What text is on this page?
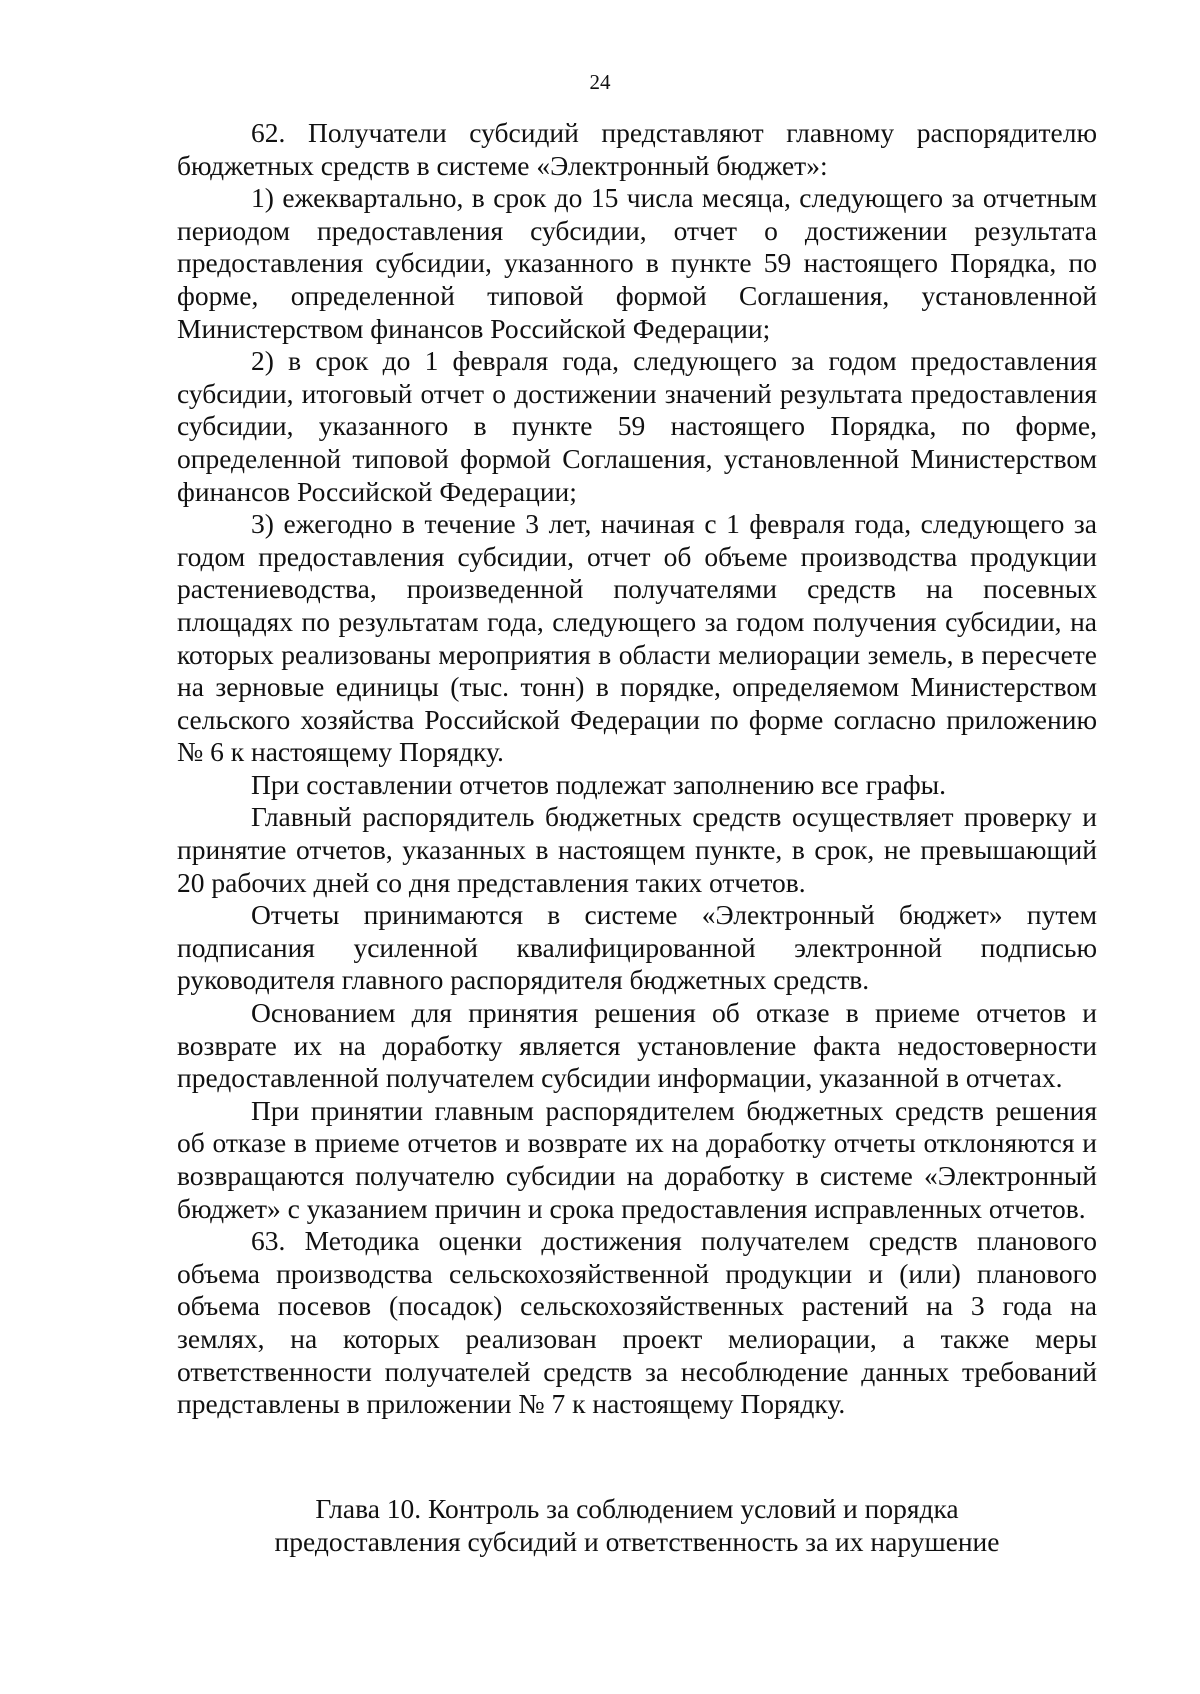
24

62. Получатели субсидий представляют главному распорядителю бюджетных средств в системе «Электронный бюджет»:

1) ежеквартально, в срок до 15 числа месяца, следующего за отчетным периодом предоставления субсидии, отчет о достижении результата предоставления субсидии, указанного в пункте 59 настоящего Порядка, по форме, определенной типовой формой Соглашения, установленной Министерством финансов Российской Федерации;

2) в срок до 1 февраля года, следующего за годом предоставления субсидии, итоговый отчет о достижении значений результата предоставления субсидии, указанного в пункте 59 настоящего Порядка, по форме, определенной типовой формой Соглашения, установленной Министерством финансов Российской Федерации;

3) ежегодно в течение 3 лет, начиная с 1 февраля года, следующего за годом предоставления субсидии, отчет об объеме производства продукции растениеводства, произведенной получателями средств на посевных площадях по результатам года, следующего за годом получения субсидии, на которых реализованы мероприятия в области мелиорации земель, в пересчете на зерновые единицы (тыс. тонн) в порядке, определяемом Министерством сельского хозяйства Российской Федерации по форме согласно приложению № 6 к настоящему Порядку.

При составлении отчетов подлежат заполнению все графы.

Главный распорядитель бюджетных средств осуществляет проверку и принятие отчетов, указанных в настоящем пункте, в срок, не превышающий 20 рабочих дней со дня представления таких отчетов.

Отчеты принимаются в системе «Электронный бюджет» путем подписания усиленной квалифицированной электронной подписью руководителя главного распорядителя бюджетных средств.

Основанием для принятия решения об отказе в приеме отчетов и возврате их на доработку является установление факта недостоверности предоставленной получателем субсидии информации, указанной в отчетах.

При принятии главным распорядителем бюджетных средств решения об отказе в приеме отчетов и возврате их на доработку отчеты отклоняются и возвращаются получателю субсидии на доработку в системе «Электронный бюджет» с указанием причин и срока предоставления исправленных отчетов.

63. Методика оценки достижения получателем средств планового объема производства сельскохозяйственной продукции и (или) планового объема посевов (посадок) сельскохозяйственных растений на 3 года на землях, на которых реализован проект мелиорации, а также меры ответственности получателей средств за несоблюдение данных требований представлены в приложении № 7 к настоящему Порядку.

Глава 10. Контроль за соблюдением условий и порядка
предоставления субсидий и ответственность за их нарушение
